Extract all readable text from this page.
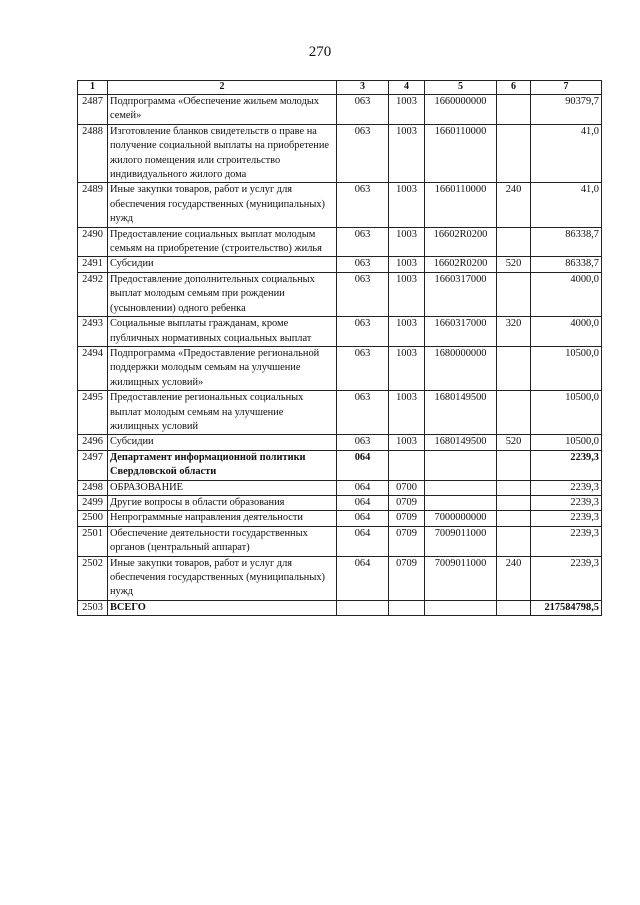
270
1	2	3	4	5	6	7
2487	Подпрограмма «Обеспечение жильем молодых семей»	063	1003	1660000000		90379,7
2488	Изготовление бланков свидетельств о праве на получение социальной выплаты на приобретение жилого помещения или строительство индивидуального жилого дома	063	1003	1660110000		41,0
2489	Иные закупки товаров, работ и услуг для обеспечения государственных (муниципальных) нужд	063	1003	1660110000	240	41,0
2490	Предоставление социальных выплат молодым семьям на приобретение (строительство) жилья	063	1003	16602R0200		86338,7
2491	Субсидии	063	1003	16602R0200	520	86338,7
2492	Предоставление дополнительных социальных выплат молодым семьям при рождении (усыновлении) одного ребенка	063	1003	1660317000		4000,0
2493	Социальные выплаты гражданам, кроме публичных нормативных социальных выплат	063	1003	1660317000	320	4000,0
2494	Подпрограмма «Предоставление региональной поддержки молодым семьям на улучшение жилищных условий»	063	1003	1680000000		10500,0
2495	Предоставление региональных социальных выплат молодым семьям на улучшение жилищных условий	063	1003	1680149500		10500,0
2496	Субсидии	063	1003	1680149500	520	10500,0
2497	Департамент информационной политики Свердловской области	064				2239,3
2498	ОБРАЗОВАНИЕ	064	0700			2239,3
2499	Другие вопросы в области образования	064	0709			2239,3
2500	Непрограммные направления деятельности	064	0709	7000000000		2239,3
2501	Обеспечение деятельности государственных органов (центральный аппарат)	064	0709	7009011000		2239,3
2502	Иные закупки товаров, работ и услуг для обеспечения государственных (муниципальных) нужд	064	0709	7009011000	240	2239,3
2503	ВСЕГО					217584798,5
